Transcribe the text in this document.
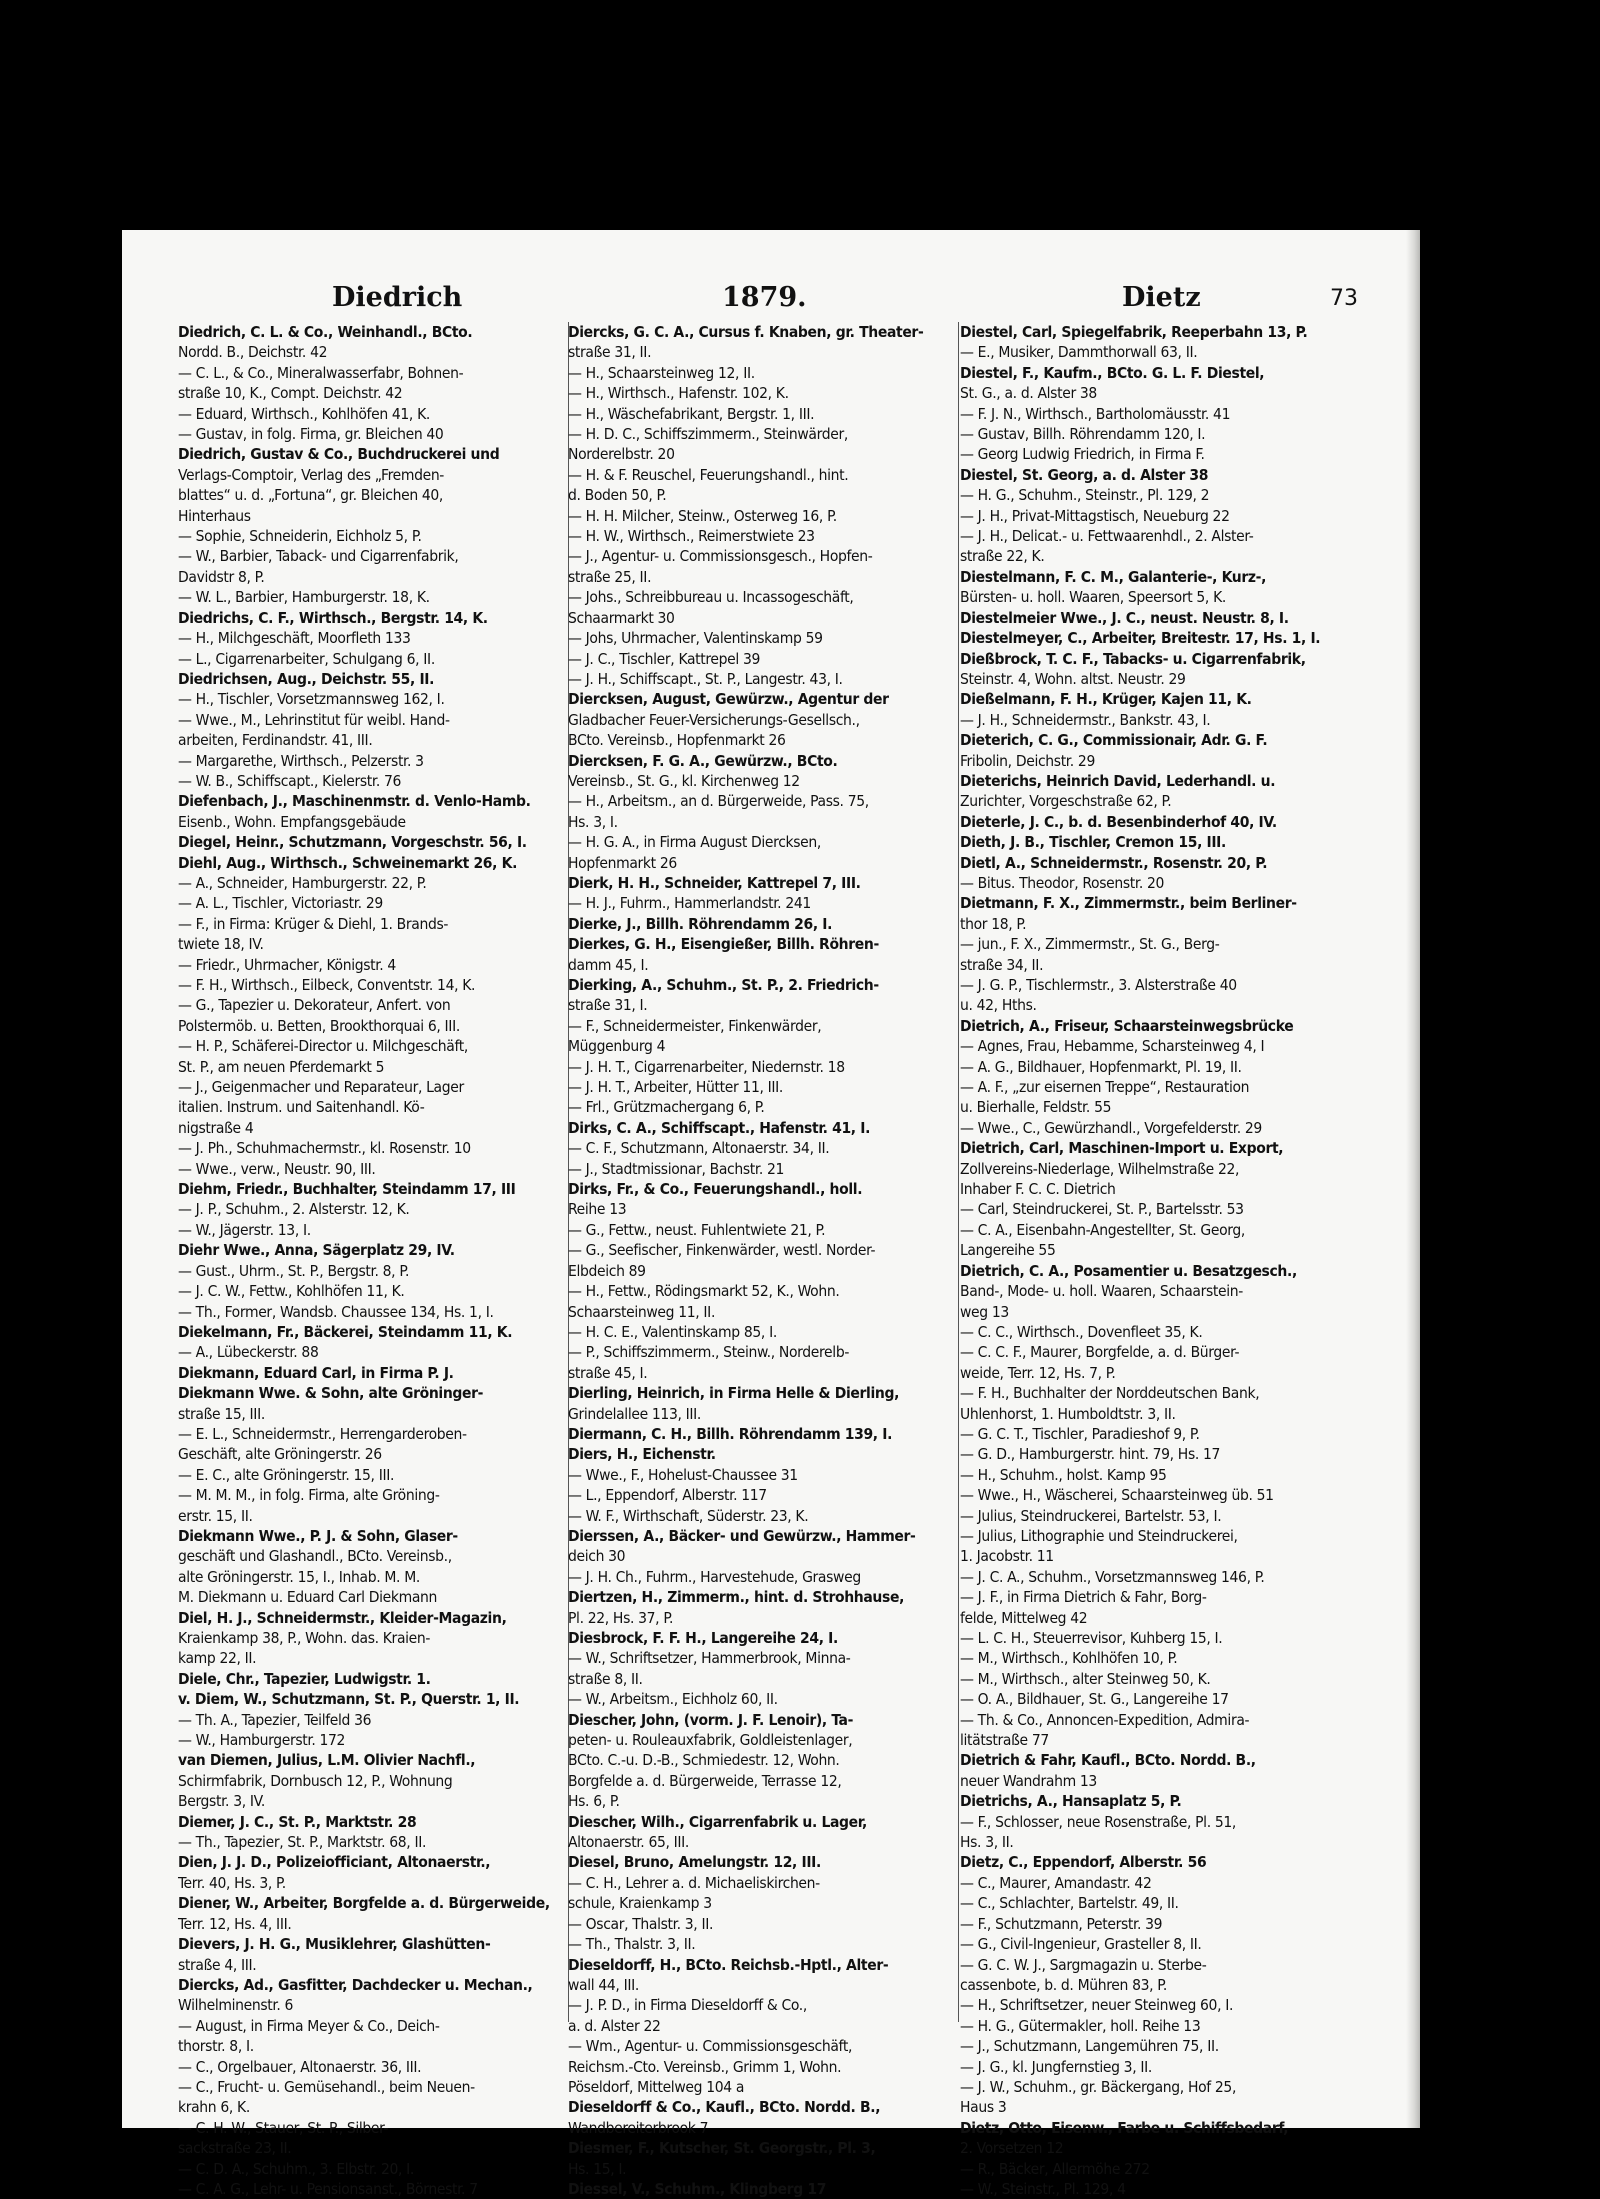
Diedrich	1879.	Dietz	73
Diedrich, C. L. & Co., Weinhandl., BCto.
Nordd. B., Deichstr. 42
— C. L., & Co., Mineralwasserfabr, Bohnen-
straße 10, K., Compt. Deichstr. 42
— Eduard, Wirthsch., Kohlhöfen 41, K.
— Gustav, in folg. Firma, gr. Bleichen 40
Diedrich, Gustav & Co., Buchdruckerei und
Verlags-Comptoir, Verlag des „Fremden-
blattes“ u. d. „Fortuna“, gr. Bleichen 40,
Hinterhaus
— Sophie, Schneiderin, Eichholz 5, P.
— W., Barbier, Taback- und Cigarrenfabrik,
Davidstr 8, P.
— W. L., Barbier, Hamburgerstr. 18, K.
Diedrichs, C. F., Wirthsch., Bergstr. 14, K.
— H., Milchgeschäft, Moorfleth 133
— L., Cigarrenarbeiter, Schulgang 6, II.
Diedrichsen, Aug., Deichstr. 55, II.
— H., Tischler, Vorsetzmannsweg 162, I.
— Wwe., M., Lehrinstitut für weibl. Hand-
arbeiten, Ferdinandstr. 41, III.
— Margarethe, Wirthsch., Pelzerstr. 3
— W. B., Schiffscapt., Kielerstr. 76
Diefenbach, J., Maschinenmstr. d. Venlo-Hamb.
Eisenb., Wohn. Empfangsgebäude
Diegel, Heinr., Schutzmann, Vorgeschstr. 56, I.
Diehl, Aug., Wirthsch., Schweinemarkt 26, K.
— A., Schneider, Hamburgerstr. 22, P.
— A. L., Tischler, Victoriastr. 29
— F., in Firma: Krüger & Diehl, 1. Brands-
twiete 18, IV.
— Friedr., Uhrmacher, Königstr. 4
— F. H., Wirthsch., Eilbeck, Conventstr. 14, K.
— G., Tapezier u. Dekorateur, Anfert. von
Polstermöb. u. Betten, Brookthorquai 6, III.
— H. P., Schäferei-Director u. Milchgeschäft,
St. P., am neuen Pferdemarkt 5
— J., Geigenmacher und Reparateur, Lager
italien. Instrum. und Saitenhandl. Kö-
nigstraße 4
— J. Ph., Schuhmachermstr., kl. Rosenstr. 10
— Wwe., verw., Neustr. 90, III.
Diehm, Friedr., Buchhalter, Steindamm 17, III
— J. P., Schuhm., 2. Alsterstr. 12, K.
— W., Jägerstr. 13, I.
Diehr Wwe., Anna, Sägerplatz 29, IV.
— Gust., Uhrm., St. P., Bergstr. 8, P.
— J. C. W., Fettw., Kohlhöfen 11, K.
— Th., Former, Wandsb. Chaussee 134, Hs. 1, I.
Diekelmann, Fr., Bäckerei, Steindamm 11, K.
— A., Lübeckerstr. 88
Diekmann, Eduard Carl, in Firma P. J.
Diekmann Wwe. & Sohn, alte Gröninger-
straße 15, III.
— E. L., Schneidermstr., Herrengarderoben-
Geschäft, alte Gröningerstr. 26
— E. C., alte Gröningerstr. 15, III.
— M. M. M., in folg. Firma, alte Gröning-
erstr. 15, II.
Diekmann Wwe., P. J. & Sohn, Glaser-
geschäft und Glashandl., BCto. Vereinsb.,
alte Gröningerstr. 15, I., Inhab. M. M.
M. Diekmann u. Eduard Carl Diekmann
Diel, H. J., Schneidermstr., Kleider-Magazin,
Kraienkamp 38, P., Wohn. das. Kraien-
kamp 22, II.
Diele, Chr., Tapezier, Ludwigstr. 1.
v. Diem, W., Schutzmann, St. P., Querstr. 1, II.
— Th. A., Tapezier, Teilfeld 36
— W., Hamburgerstr. 172
van Diemen, Julius, L.M. Olivier Nachfl.,
Schirmfabrik, Dornbusch 12, P., Wohnung
Bergstr. 3, IV.
Diemer, J. C., St. P., Marktstr. 28
— Th., Tapezier, St. P., Marktstr. 68, II.
Dien, J. J. D., Polizeiofficiant, Altonaerstr.,
Terr. 40, Hs. 3, P.
Diener, W., Arbeiter, Borgfelde a. d. Bürgerweide,
Terr. 12, Hs. 4, III.
Dievers, J. H. G., Musiklehrer, Glashütten-
straße 4, III.
Diercks, Ad., Gasfitter, Dachdecker u. Mechan.,
Wilhelminenstr. 6
— August, in Firma Meyer & Co., Deich-
thorstr. 8, I.
— C., Orgelbauer, Altonaerstr. 36, III.
— C., Frucht- u. Gemüsehandl., beim Neuen-
krahn 6, K.
— C. H. W., Stauer, St. P., Silber-
sackstraße 23, II.
— C. D. A., Schuhm., 3. Elbstr. 20, I.
— C. A. G., Lehr- u. Pensionsanst., Börnestr. 7
Diercks, G. C. A., Cursus f. Knaben, gr. Theater-
straße 31, II.
— H., Schaarsteinweg 12, II.
— H., Wirthsch., Hafenstr. 102, K.
— H., Wäschefabrikant, Bergstr. 1, III.
— H. D. C., Schiffszimmerm., Steinwärder,
Norderelbstr. 20
— H. & F. Reuschel, Feuerungshandl., hint.
d. Boden 50, P.
— H. H. Milcher, Steinw., Osterweg 16, P.
— H. W., Wirthsch., Reimerstwiete 23
— J., Agentur- u. Commissionsgesch., Hopfen-
straße 25, II.
— Johs., Schreibbureau u. Incassogeschäft,
Schaarmarkt 30
— Johs, Uhrmacher, Valentinskamp 59
— J. C., Tischler, Kattrepel 39
— J. H., Schiffscapt., St. P., Langestr. 43, I.
Diercksen, August, Gewürzw., Agentur der
Gladbacher Feuer-Versicherungs-Gesellsch.,
BCto. Vereinsb., Hopfenmarkt 26
Diercksen, F. G. A., Gewürzw., BCto.
Vereinsb., St. G., kl. Kirchenweg 12
— H., Arbeitsm., an d. Bürgerweide, Pass. 75,
Hs. 3, I.
— H. G. A., in Firma August Diercksen,
Hopfenmarkt 26
Dierk, H. H., Schneider, Kattrepel 7, III.
— H. J., Fuhrm., Hammerlandstr. 241
Dierke, J., Billh. Röhrendamm 26, I.
Dierkes, G. H., Eisengießer, Billh. Röhren-
damm 45, I.
Dierking, A., Schuhm., St. P., 2. Friedrich-
straße 31, I.
— F., Schneidermeister, Finkenwärder,
Müggenburg 4
— J. H. T., Cigarrenarbeiter, Niedernstr. 18
— J. H. T., Arbeiter, Hütter 11, III.
— Frl., Grützmachergang 6, P.
Dirks, C. A., Schiffscapt., Hafenstr. 41, I.
— C. F., Schutzmann, Altonaerstr. 34, II.
— J., Stadtmissionar, Bachstr. 21
Dirks, Fr., & Co., Feuerungshandl., holl.
Reihe 13
— G., Fettw., neust. Fuhlentwiete 21, P.
— G., Seefischer, Finkenwärder, westl. Norder-
Elbdeich 89
— H., Fettw., Rödingsmarkt 52, K., Wohn.
Schaarsteinweg 11, II.
— H. C. E., Valentinskamp 85, I.
— P., Schiffszimmerm., Steinw., Norderelb-
straße 45, I.
Dierling, Heinrich, in Firma Helle & Dierling,
Grindelallee 113, III.
Diermann, C. H., Billh. Röhrendamm 139, I.
Diers, H., Eichenstr.
— Wwe., F., Hohelust-Chaussee 31
— L., Eppendorf, Alberstr. 117
— W. F., Wirthschaft, Süderstr. 23, K.
Dierssen, A., Bäcker- und Gewürzw., Hammer-
deich 30
— J. H. Ch., Fuhrm., Harvestehude, Grasweg
Diertzen, H., Zimmerm., hint. d. Strohhause,
Pl. 22, Hs. 37, P.
Diesbrock, F. F. H., Langereihe 24, I.
— W., Schriftsetzer, Hammerbrook, Minna-
straße 8, II.
— W., Arbeitsm., Eichholz 60, II.
Diescher, John, (vorm. J. F. Lenoir), Ta-
peten- u. Rouleauxfabrik, Goldleistenlager,
BCto. C.-u. D.-B., Schmiedestr. 12, Wohn.
Borgfelde a. d. Bürgerweide, Terrasse 12,
Hs. 6, P.
Diescher, Wilh., Cigarrenfabrik u. Lager,
Altonaerstr. 65, III.
Diesel, Bruno, Amelungstr. 12, III.
— C. H., Lehrer a. d. Michaeliskirchen-
schule, Kraienkamp 3
— Oscar, Thalstr. 3, II.
— Th., Thalstr. 3, II.
Dieseldorff, H., BCto. Reichsb.-Hptl., Alter-
wall 44, III.
— J. P. D., in Firma Dieseldorff & Co.,
a. d. Alster 22
— Wm., Agentur- u. Commissionsgeschäft,
Reichsm.-Cto. Vereinsb., Grimm 1, Wohn.
Pöseldorf, Mittelweg 104 a
Dieseldorff & Co., Kaufl., BCto. Nordd. B.,
Wandbereiterbrook 7
Diesmer, F., Kutscher, St. Georgstr., Pl. 3,
Hs. 15, I.
Diessel, V., Schuhm., Klingberg 17
Diestel, Carl, Spiegelfabrik, Reeperbahn 13, P.
— E., Musiker, Dammthorwall 63, II.
Diestel, F., Kaufm., BCto. G. L. F. Diestel,
St. G., a. d. Alster 38
— F. J. N., Wirthsch., Bartholomäusstr. 41
— Gustav, Billh. Röhrendamm 120, I.
— Georg Ludwig Friedrich, in Firma F.
Diestel, St. Georg, a. d. Alster 38
— H. G., Schuhm., Steinstr., Pl. 129, 2
— J. H., Privat-Mittagstisch, Neueburg 22
— J. H., Delicat.- u. Fettwaarenhdl., 2. Alster-
straße 22, K.
Diestelmann, F. C. M., Galanterie-, Kurz-,
Bürsten- u. holl. Waaren, Speersort 5, K.
Diestelmeier Wwe., J. C., neust. Neustr. 8, I.
Diestelmeyer, C., Arbeiter, Breitestr. 17, Hs. 1, I.
Dießbrock, T. C. F., Tabacks- u. Cigarrenfabrik,
Steinstr. 4, Wohn. altst. Neustr. 29
Dießelmann, F. H., Krüger, Kajen 11, K.
— J. H., Schneidermstr., Bankstr. 43, I.
Dieterich, C. G., Commissionair, Adr. G. F.
Fribolin, Deichstr. 29
Dieterichs, Heinrich David, Lederhandl. u.
Zurichter, Vorgeschstraße 62, P.
Dieterle, J. C., b. d. Besenbinderhof 40, IV.
Dieth, J. B., Tischler, Cremon 15, III.
Dietl, A., Schneidermstr., Rosenstr. 20, P.
— Bitus. Theodor, Rosenstr. 20
Dietmann, F. X., Zimmermstr., beim Berliner-
thor 18, P.
— jun., F. X., Zimmermstr., St. G., Berg-
straße 34, II.
— J. G. P., Tischlermstr., 3. Alsterstraße 40
u. 42, Hths.
Dietrich, A., Friseur, Schaarsteinwegsbrücke
— Agnes, Frau, Hebamme, Scharsteinweg 4, I
— A. G., Bildhauer, Hopfenmarkt, Pl. 19, II.
— A. F., „zur eisernen Treppe“, Restauration
u. Bierhalle, Feldstr. 55
— Wwe., C., Gewürzhandl., Vorgefelderstr. 29
Dietrich, Carl, Maschinen-Import u. Export,
Zollvereins-Niederlage, Wilhelmstraße 22,
Inhaber F. C. C. Dietrich
— Carl, Steindruckerei, St. P., Bartelsstr. 53
— C. A., Eisenbahn-Angestellter, St. Georg,
Langereihe 55
Dietrich, C. A., Posamentier u. Besatzgesch.,
Band-, Mode- u. holl. Waaren, Schaarstein-
weg 13
— C. C., Wirthsch., Dovenfleet 35, K.
— C. C. F., Maurer, Borgfelde, a. d. Bürger-
weide, Terr. 12, Hs. 7, P.
— F. H., Buchhalter der Norddeutschen Bank,
Uhlenhorst, 1. Humboldtstr. 3, II.
— G. C. T., Tischler, Paradieshof 9, P.
— G. D., Hamburgerstr. hint. 79, Hs. 17
— H., Schuhm., holst. Kamp 95
— Wwe., H., Wäscherei, Schaarsteinweg üb. 51
— Julius, Steindruckerei, Bartelstr. 53, I.
— Julius, Lithographie und Steindruckerei,
1. Jacobstr. 11
— J. C. A., Schuhm., Vorsetzmannsweg 146, P.
— J. F., in Firma Dietrich & Fahr, Borg-
felde, Mittelweg 42
— L. C. H., Steuerrevisor, Kuhberg 15, I.
— M., Wirthsch., Kohlhöfen 10, P.
— M., Wirthsch., alter Steinweg 50, K.
— O. A., Bildhauer, St. G., Langereihe 17
— Th. & Co., Annoncen-Expedition, Admira-
litätstraße 77
Dietrich & Fahr, Kaufl., BCto. Nordd. B.,
neuer Wandrahm 13
Dietrichs, A., Hansaplatz 5, P.
— F., Schlosser, neue Rosenstraße, Pl. 51,
Hs. 3, II.
Dietz, C., Eppendorf, Alberstr. 56
— C., Maurer, Amandastr. 42
— C., Schlachter, Bartelstr. 49, II.
— F., Schutzmann, Peterstr. 39
— G., Civil-Ingenieur, Grasteller 8, II.
— G. C. W. J., Sargmagazin u. Sterbe-
cassenbote, b. d. Mühren 83, P.
— H., Schriftsetzer, neuer Steinweg 60, I.
— H. G., Gütermakler, holl. Reihe 13
— J., Schutzmann, Langemühren 75, II.
— J. G., kl. Jungfernstieg 3, II.
— J. W., Schuhm., gr. Bäckergang, Hof 25,
Haus 3
Dietz, Otto, Eisenw., Farbe u. Schiffsbedarf,
2. Vorsetzen 12
— R., Bäcker, Allermöhe 272
— W., Steinstr., Pl. 129, 4
